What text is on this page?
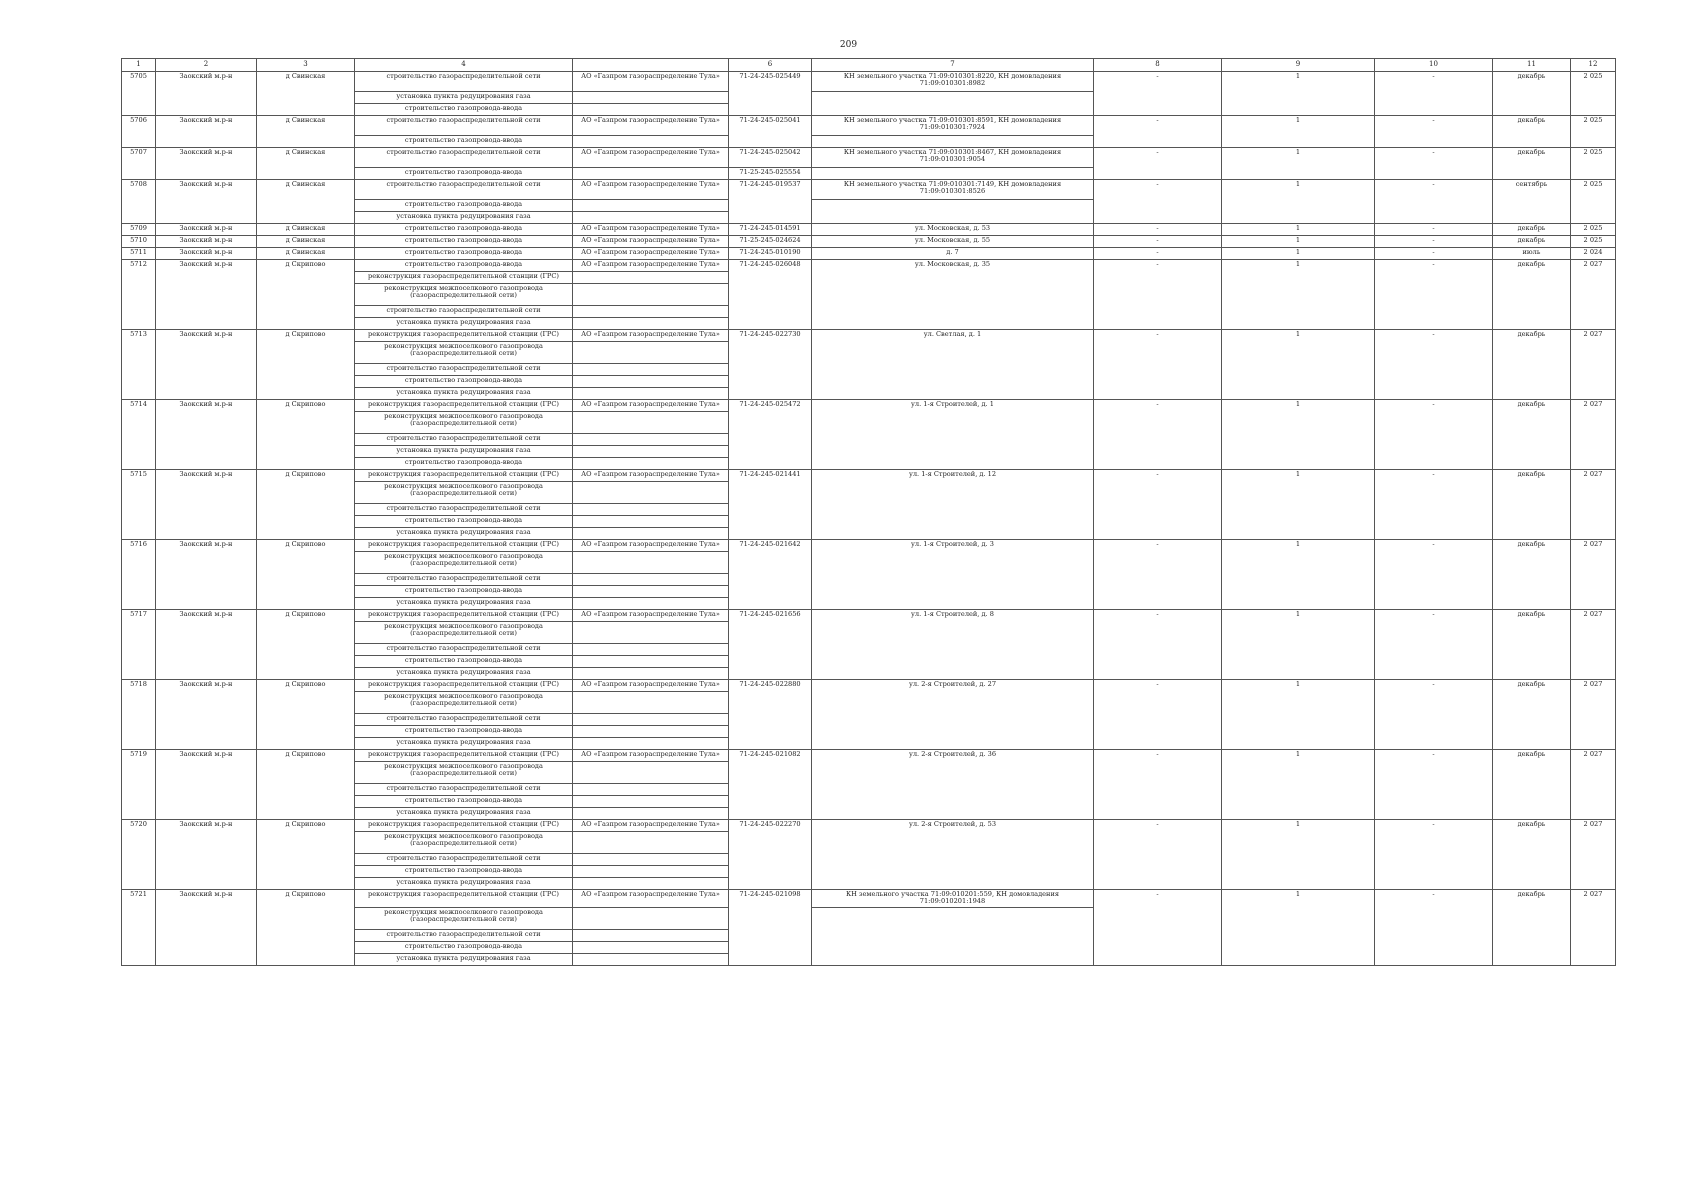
209
1	2	3	4		6	7	8	9	10	11	12
5705	Заокский м.р-н	д Свинская	строительство газораспределительной сети	АО «Газпром газораспределение Тула»	71-24-245-025449	КН земельного участка 71:09:010301:8220, КН домовладения 71:09:010301:8982	-	1	-	декабрь	2 025
			установка пункта редуцирования газа								
			строительство газопровода-ввода								
5706	Заокский м.р-н	д Свинская	строительство газораспределительной сети	АО «Газпром газораспределение Тула»	71-24-245-025041	КН земельного участка 71:09:010301:8591, КН домовладения 71:09:010301:7924	-	1	-	декабрь	2 025
			строительство газопровода-ввода								
5707	Заокский м.р-н	д Свинская	строительство газораспределительной сети	АО «Газпром газораспределение Тула»	71-24-245-025042	КН земельного участка 71:09:010301:8467, КН домовладения 71:09:010301:9054	-	1	-	декабрь	2 025
			строительство газопровода-ввода		71-25-245-025554						
5708	Заокский м.р-н	д Свинская	строительство газораспределительной сети	АО «Газпром газораспределение Тула»	71-24-245-019537	КН земельного участка 71:09:010301:7149, КН домовладения 71:09:010301:8526	-	1	-	сентябрь	2 025
			строительство газопровода-ввода								
			установка пункта редуцирования газа								
5709	Заокский м.р-н	д Свинская	строительство газопровода-ввода	АО «Газпром газораспределение Тула»	71-24-245-014591	ул. Московская, д. 53	-	1	-	декабрь	2 025
5710	Заокский м.р-н	д Свинская	строительство газопровода-ввода	АО «Газпром газораспределение Тула»	71-25-245-024624	ул. Московская, д. 55	-	1	-	декабрь	2 025
5711	Заокский м.р-н	д Свинская	строительство газопровода-ввода	АО «Газпром газораспределение Тула»	71-24-245-010190	д. 7	-	1	-	июль	2 024
5712	Заокский м.р-н	д Скрипово	строительство газопровода-ввода	АО «Газпром газораспределение Тула»	71-24-245-026048	ул. Московская, д. 35	-	1	-	декабрь	2 027
			реконструкция газораспределительной станции (ГРС)								
			реконструкция межпоселкового газопровода (газораспределительной сети)								
			строительство газораспределительной сети								
			установка пункта редуцирования газа								
5713	Заокский м.р-н	д Скрипово	реконструкция газораспределительной станции (ГРС)	АО «Газпром газораспределение Тула»	71-24-245-022730	ул. Светлая, д. 1	-	1	-	декабрь	2 027
			реконструкция межпоселкового газопровода (газораспределительной сети)								
			строительство газораспределительной сети								
			строительство газопровода-ввода								
			установка пункта редуцирования газа								
5714	Заокский м.р-н	д Скрипово	реконструкция газораспределительной станции (ГРС)	АО «Газпром газораспределение Тула»	71-24-245-025472	ул. 1-я Строителей, д. 1	-	1	-	декабрь	2 027
			реконструкция межпоселкового газопровода (газораспределительной сети)								
			строительство газораспределительной сети								
			установка пункта редуцирования газа								
			строительство газопровода-ввода								
5715	Заокский м.р-н	д Скрипово	реконструкция газораспределительной станции (ГРС)	АО «Газпром газораспределение Тула»	71-24-245-021441	ул. 1-я Строителей, д. 12	-	1	-	декабрь	2 027
			реконструкция межпоселкового газопровода (газораспределительной сети)								
			строительство газораспределительной сети								
			строительство газопровода-ввода								
			установка пункта редуцирования газа								
5716	Заокский м.р-н	д Скрипово	реконструкция газораспределительной станции (ГРС)	АО «Газпром газораспределение Тула»	71-24-245-021642	ул. 1-я Строителей, д. 3	-	1	-	декабрь	2 027
			реконструкция межпоселкового газопровода (газораспределительной сети)								
			строительство газораспределительной сети								
			строительство газопровода-ввода								
			установка пункта редуцирования газа								
5717	Заокский м.р-н	д Скрипово	реконструкция газораспределительной станции (ГРС)	АО «Газпром газораспределение Тула»	71-24-245-021656	ул. 1-я Строителей, д. 8	-	1	-	декабрь	2 027
			реконструкция межпоселкового газопровода (газораспределительной сети)								
			строительство газораспределительной сети								
			строительство газопровода-ввода								
			установка пункта редуцирования газа								
5718	Заокский м.р-н	д Скрипово	реконструкция газораспределительной станции (ГРС)	АО «Газпром газораспределение Тула»	71-24-245-022880	ул. 2-я Строителей, д. 27	-	1	-	декабрь	2 027
			реконструкция межпоселкового газопровода (газораспределительной сети)								
			строительство газораспределительной сети								
			строительство газопровода-ввода								
			установка пункта редуцирования газа								
5719	Заокский м.р-н	д Скрипово	реконструкция газораспределительной станции (ГРС)	АО «Газпром газораспределение Тула»	71-24-245-021082	ул. 2-я Строителей, д. 36	-	1	-	декабрь	2 027
			реконструкция межпоселкового газопровода (газораспределительной сети)								
			строительство газораспределительной сети								
			строительство газопровода-ввода								
			установка пункта редуцирования газа								
5720	Заокский м.р-н	д Скрипово	реконструкция газораспределительной станции (ГРС)	АО «Газпром газораспределение Тула»	71-24-245-022270	ул. 2-я Строителей, д. 53	-	1	-	декабрь	2 027
			реконструкция межпоселкового газопровода (газораспределительной сети)								
			строительство газораспределительной сети								
			строительство газопровода-ввода								
			установка пункта редуцирования газа								
5721	Заокский м.р-н	д Скрипово	реконструкция газораспределительной станции (ГРС)	АО «Газпром газораспределение Тула»	71-24-245-021098	КН земельного участка 71:09:010201:559, КН домовладения 71:09:010201:1948	-	1	-	декабрь	2 027
			реконструкция межпоселкового газопровода (газораспределительной сети)								
			строительство газораспределительной сети								
			строительство газопровода-ввода								
			установка пункта редуцирования газа								
